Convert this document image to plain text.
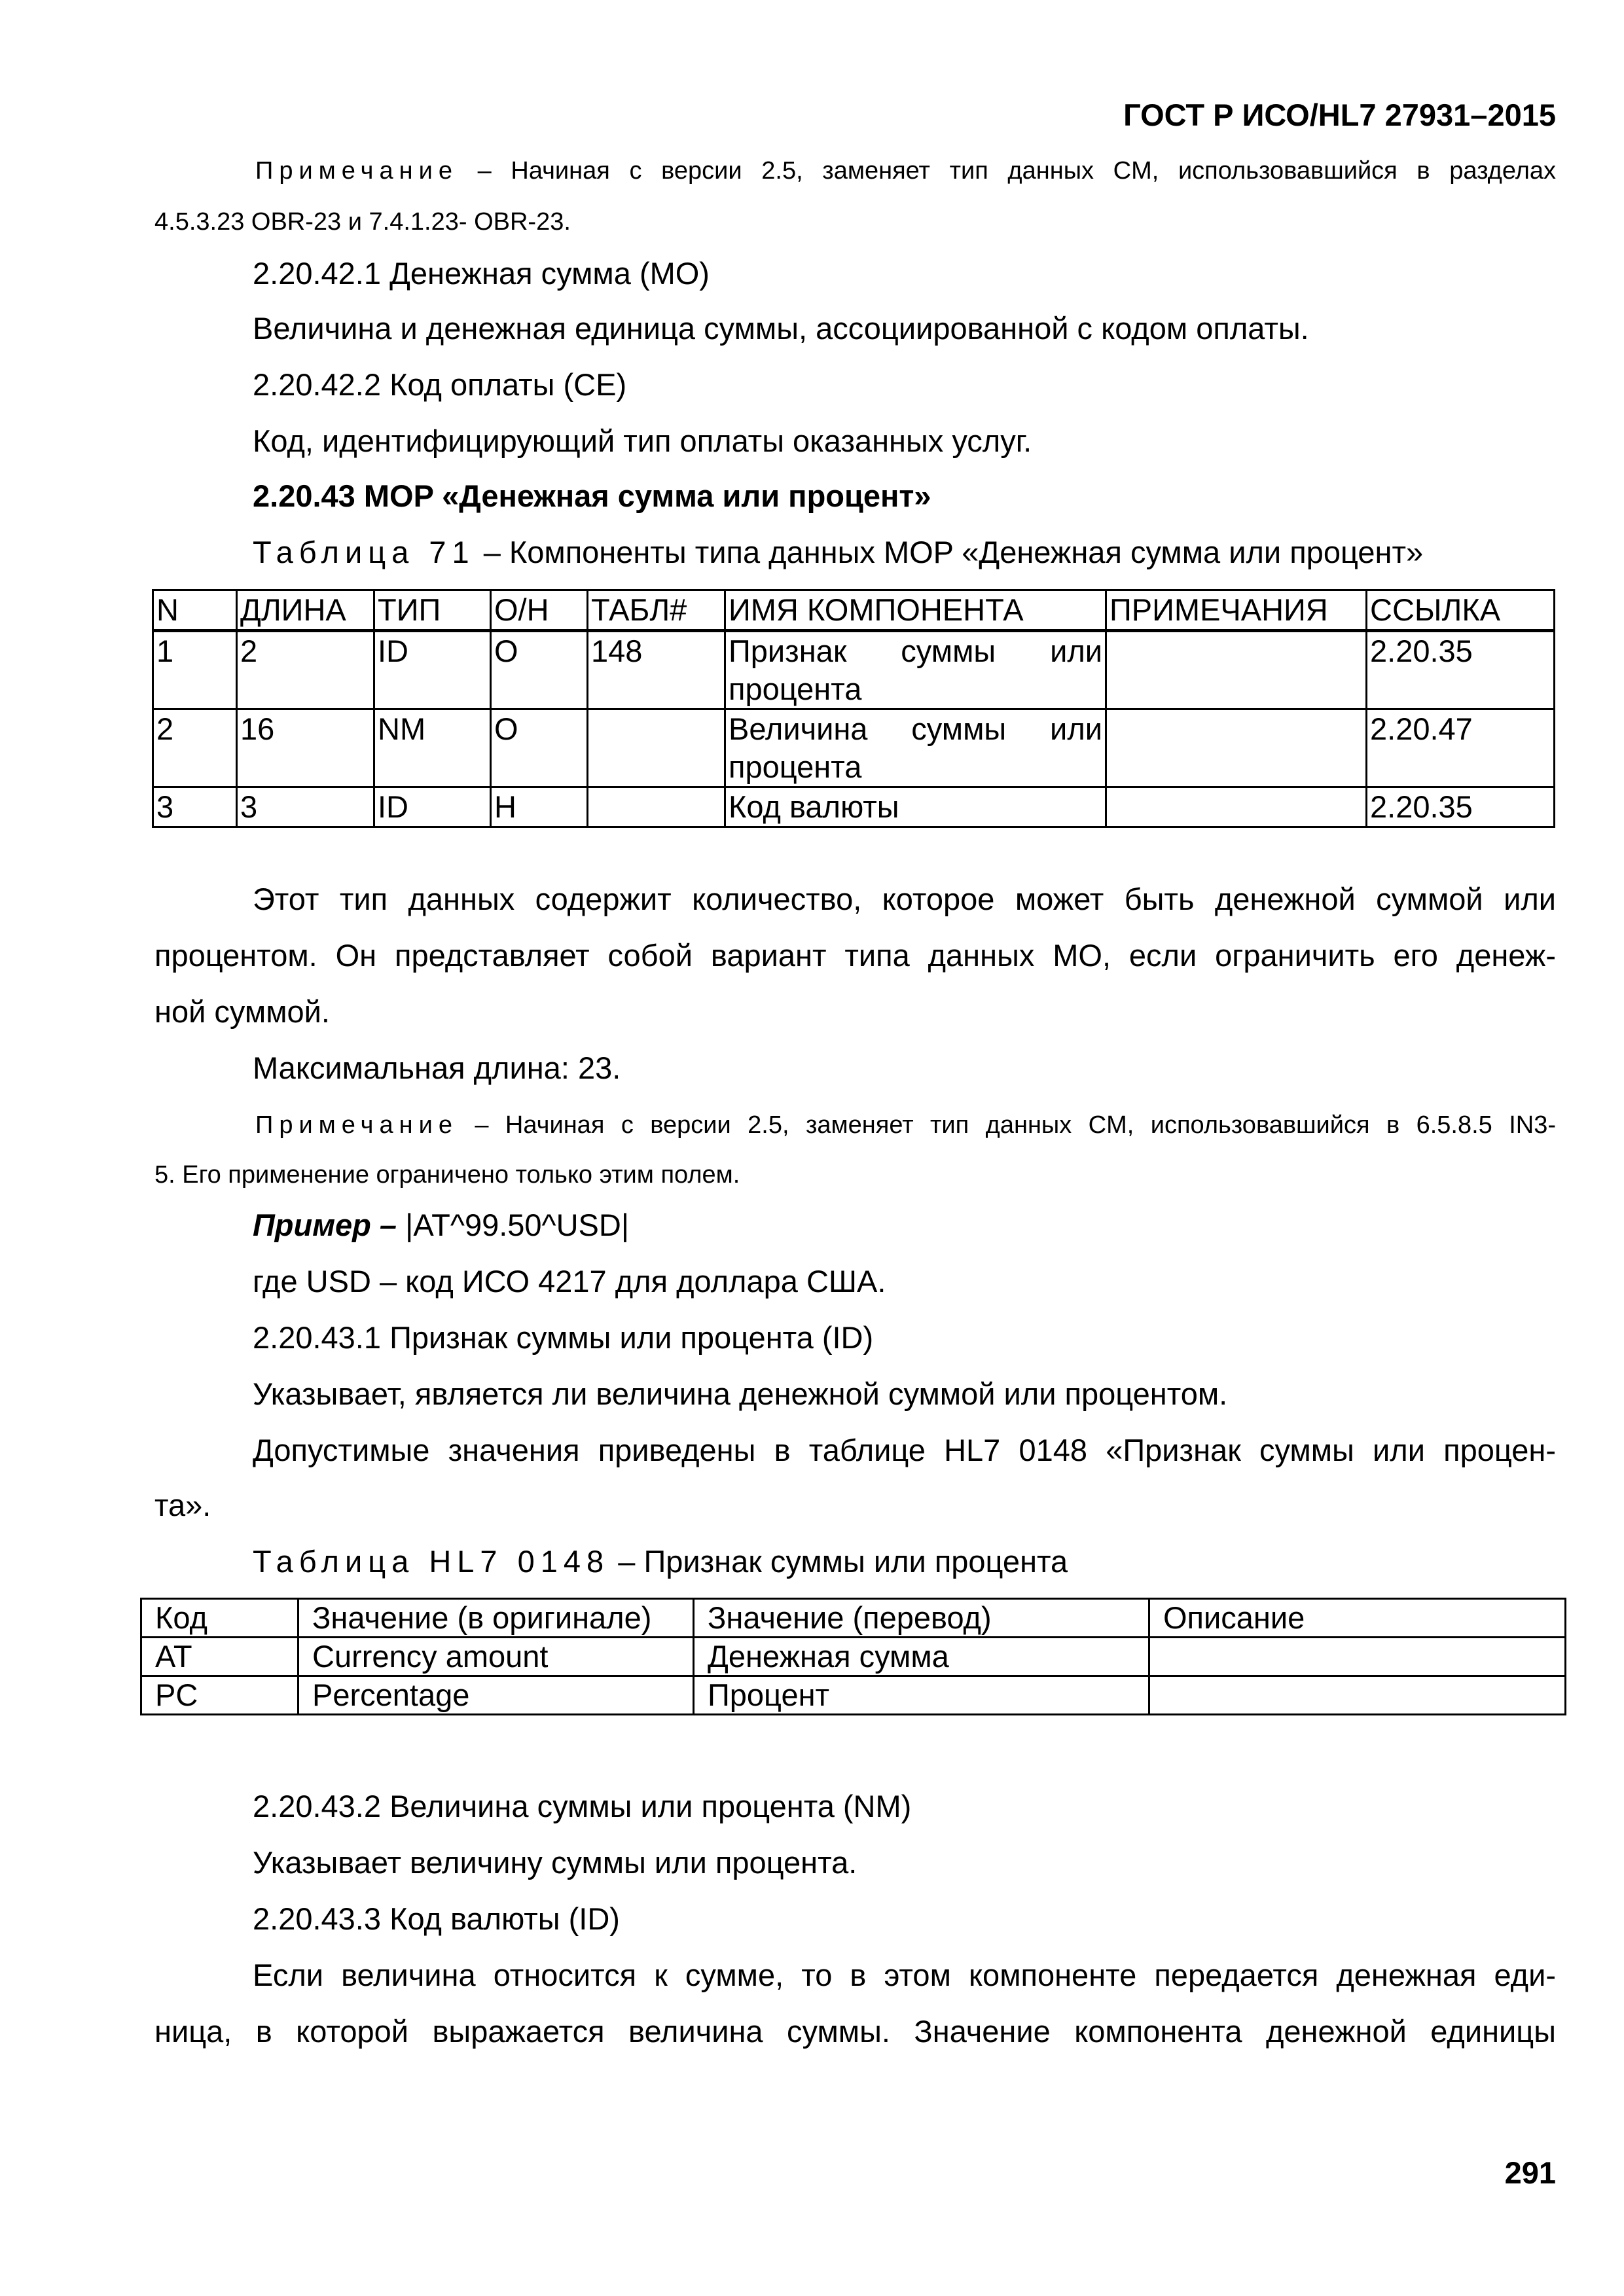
ГОСТ Р ИСО/HL7 27931–2015
Примечание – Начиная с версии 2.5, заменяет тип данных CM, использовавшийся в разделах
4.5.3.23 OBR-23 и 7.4.1.23- OBR-23.
2.20.42.1 Денежная сумма (MO)
Величина и денежная единица суммы, ассоциированной с кодом оплаты.
2.20.42.2 Код оплаты (CE)
Код, идентифицирующий тип оплаты оказанных услуг.
2.20.43 MOP «Денежная сумма или процент»
Таблица 71 – Компоненты типа данных MOP «Денежная сумма или процент»
N	ДЛИНА	ТИП	О/Н	ТАБЛ#	ИМЯ КОМПОНЕНТА	ПРИМЕЧАНИЯ	ССЫЛКА
1	2	ID	O	148	Признак суммы или процента		2.20.35
2	16	NM	O		Величина суммы или процента		2.20.47
3	3	ID	Н		Код валюты		2.20.35
Этот тип данных содержит количество, которое может быть денежной суммой или
процентом. Он представляет собой вариант типа данных MO, если ограничить его денеж-
ной суммой.
Максимальная длина: 23.
Примечание – Начиная с версии 2.5, заменяет тип данных CM, использовавшийся в 6.5.8.5 IN3-
5. Его применение ограничено только этим полем.
Пример – |AT^99.50^USD|
где USD – код ИСО 4217 для доллара США.
2.20.43.1 Признак суммы или процента (ID)
Указывает, является ли величина денежной суммой или процентом.
Допустимые значения приведены в таблице HL7 0148 «Признак суммы или процен-
та».
Таблица HL7 0148 – Признак суммы или процента
Код	Значение (в оригинале)	Значение (перевод)	Описание
AT	Currency amount	Денежная сумма	
PC	Percentage	Процент	
2.20.43.2 Величина суммы или процента (NM)
Указывает величину суммы или процента.
2.20.43.3 Код валюты (ID)
Если величина относится к сумме, то в этом компоненте передается денежная еди-
ница, в которой выражается величина суммы. Значение компонента денежной единицы
291
